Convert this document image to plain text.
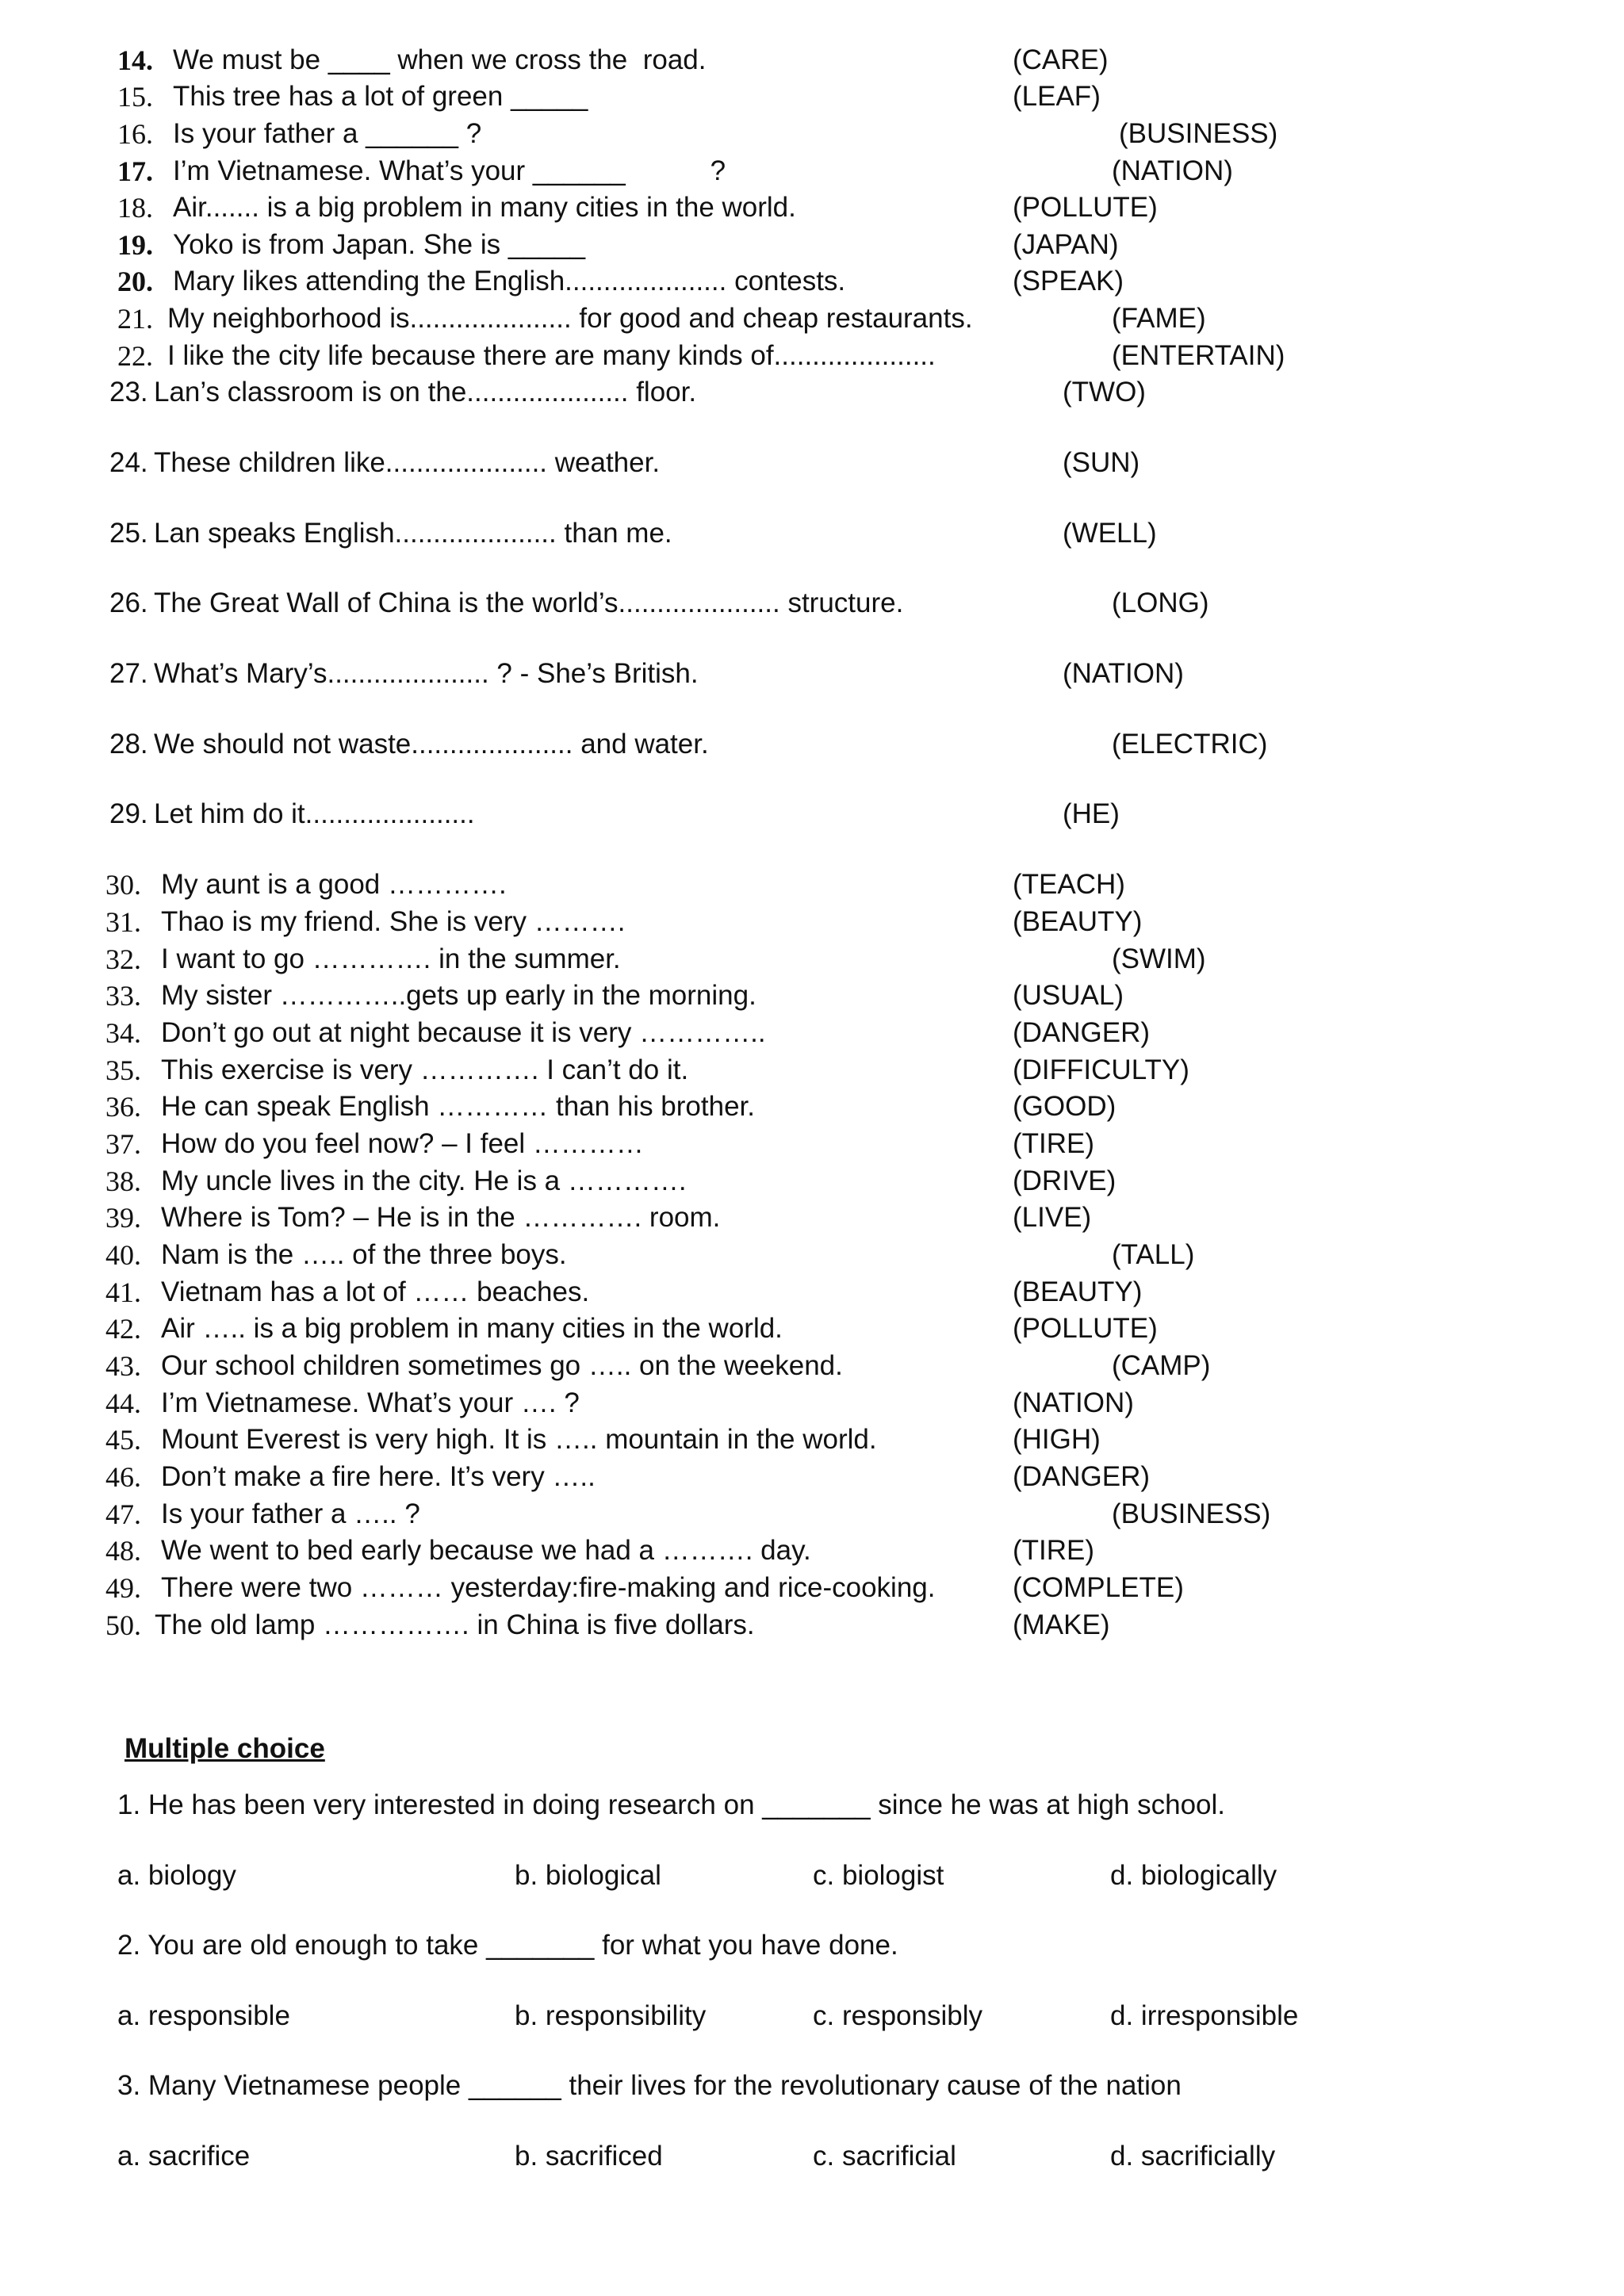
14. We must be ____ when we cross the  road.	(CARE)
15. This tree has a lot of green _____	(LEAF)
16. Is your father a ______ ?	(BUSINESS)
17. I’m Vietnamese. What’s your ______           ?	(NATION)
18. Air....... is a big problem in many cities in the world.	(POLLUTE)
19. Yoko is from Japan. She is _____	(JAPAN)
20. Mary likes attending the English..................... contests.	(SPEAK)
21. My neighborhood is..................... for good and cheap restaurants.	(FAME)
22. I like the city life because there are many kinds of.....................	(ENTERTAIN)
23. Lan’s classroom is on the..................... floor.	(TWO)
24. These children like..................... weather.	(SUN)
25. Lan speaks English..................... than me.	(WELL)
26. The Great Wall of China is the world’s..................... structure.	(LONG)
27. What’s Mary’s..................... ? - She’s British.	(NATION)
28. We should not waste..................... and water.	(ELECTRIC)
29. Let him do it......................	(HE)
30. My aunt is a good ………….	(TEACH)
31. Thao is my friend. She is very ……….	(BEAUTY)
32. I want to go …………. in the summer.	(SWIM)
33. My sister …………..gets up early in the morning.	(USUAL)
34. Don’t go out at night because it is very …………..	(DANGER)
35. This exercise is very …………. I can’t do it.	(DIFFICULTY)
36. He can speak English ………… than his brother.	(GOOD)
37. How do you feel now? – I feel …………	(TIRE)
38. My uncle lives in the city. He is a ………….	(DRIVE)
39. Where is Tom? – He is in the …………. room.	(LIVE)
40. Nam is the ….. of the three boys.	(TALL)
41. Vietnam has a lot of …… beaches.	(BEAUTY)
42. Air ….. is a big problem in many cities in the world.	(POLLUTE)
43. Our school children sometimes go ….. on the weekend.	(CAMP)
44. I’m Vietnamese. What’s your …. ?	(NATION)
45. Mount Everest is very high. It is ….. mountain in the world.	(HIGH)
46. Don’t make a fire here. It’s very …..	(DANGER)
47. Is your father a ….. ?	(BUSINESS)
48. We went to bed early because we had a ………. day.	(TIRE)
49. There were two ……… yesterday:fire-making and rice-cooking.	(COMPLETE)
50. The old lamp ……………. in China is five dollars.	(MAKE)
Multiple choice
1. He has been very interested in doing research on _______ since he was at high school.
a. biology	b. biological	c. biologist	d. biologically
2. You are old enough to take _______ for what you have done.
a. responsible	b. responsibility	c. responsibly	d. irresponsible
3. Many Vietnamese people ______ their lives for the revolutionary cause of the nation
a. sacrifice	b. sacrificed	c. sacrificial	d. sacrificially
